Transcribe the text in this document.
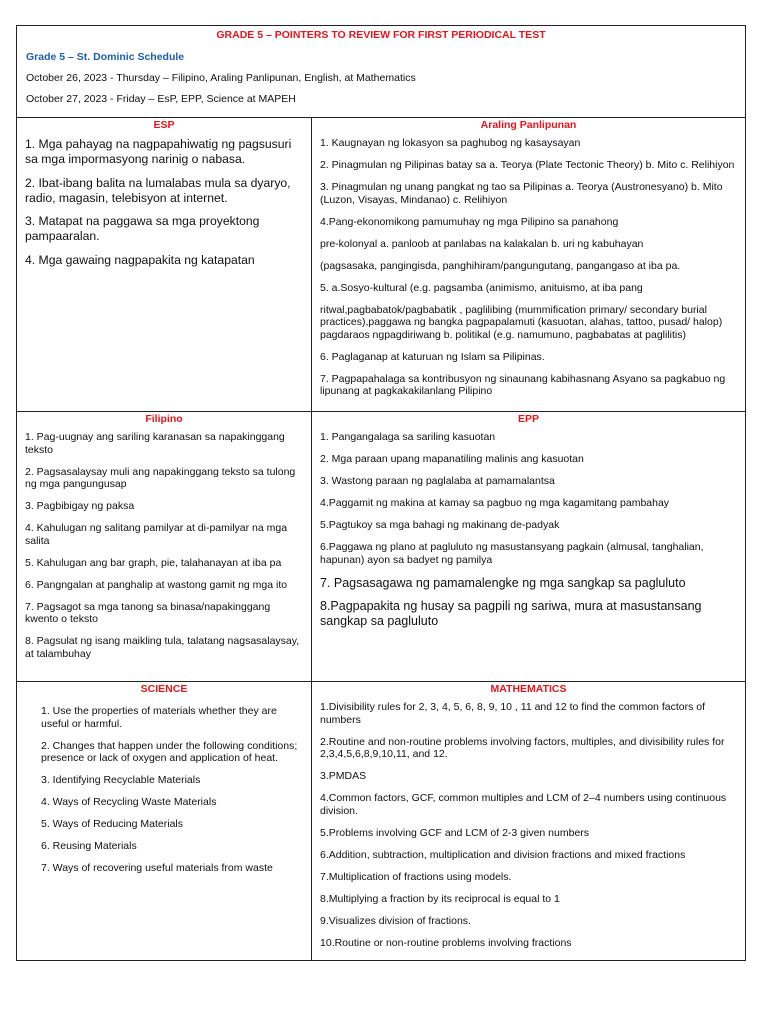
GRADE 5 – POINTERS TO REVIEW FOR FIRST PERIODICAL TEST
Grade 5 – St. Dominic Schedule
October 26, 2023 - Thursday – Filipino, Araling Panlipunan, English, at Mathematics
October 27, 2023 - Friday – EsP, EPP, Science at MAPEH
ESP
1. Mga pahayag na nagpapahiwatig ng pagsusuri sa mga impormasyong narinig o nabasa.
2. Ibat-ibang balita na lumalabas mula sa dyaryo, radio, magasin, telebisyon at internet.
3. Matapat na paggawa sa mga proyektong pampaaralan.
4. Mga gawaing nagpapakita ng katapatan
Araling Panlipunan
1. Kaugnayan ng lokasyon sa paghubog ng kasaysayan
2. Pinagmulan ng Pilipinas batay sa a. Teorya (Plate Tectonic Theory) b. Mito c. Relihiyon
3. Pinagmulan ng unang pangkat ng tao sa Pilipinas a. Teorya (Austronesyano) b. Mito (Luzon, Visayas, Mindanao) c. Relihiyon
4.Pang-ekonomikong pamumuhay ng mga Pilipino sa panahong
pre-kolonyal a. panloob at panlabas na kalakalan b. uri ng kabuhayan
(pagsasaka, pangingisda, panghihiram/pangungutang, pangangaso at iba pa.
5. a.Sosyo-kultural (e.g. pagsamba (animismo, anituismo, at iba pang
ritwal,pagbabatok/pagbabatik , paglilibing (mummification primary/ secondary burial practices),paggawa ng bangka pagpapalamuti (kasuotan, alahas, tattoo, pusad/ halop) pagdaraos ngpagdiriwang b. politikal (e.g. namumuno, pagbabatas at paglilitis)
6. Paglaganap at katuruan ng Islam sa Pilipinas.
7. Pagpapahalaga sa kontribusyon ng sinaunang kabihasnang Asyano sa pagkabuo ng lipunang at pagkakakilanlang Pilipino
Filipino
1. Pag-uugnay ang sariling karanasan sa napakinggang teksto
2. Pagsasalaysay muli ang napakinggang teksto sa tulong ng mga pangungusap
3. Pagbibigay ng paksa
4. Kahulugan ng salitang pamilyar at di-pamilyar na mga salita
5. Kahulugan ang bar graph, pie, talahanayan at iba pa
6. Pangngalan at panghalip at wastong gamit ng mga ito
7. Pagsagot sa mga tanong sa binasa/napakinggang kwento o teksto
8. Pagsulat ng isang maikling tula, talatang nagsasalaysay, at talambuhay
EPP
1. Pangangalaga sa sariling kasuotan
2. Mga paraan upang mapanatiling malinis ang kasuotan
3. Wastong paraan ng paglalaba at pamamalantsa
4.Paggamit ng makina at kamay sa pagbuo ng mga kagamitang pambahay
5.Pagtukoy sa mga bahagi ng makinang de-padyak
6.Paggawa ng plano at pagluluto ng masustansyang pagkain (almusal, tanghalian, hapunan) ayon sa badyet ng pamilya
7. Pagsasagawa ng pamamalengke ng mga sangkap sa pagluluto
8.Pagpapakita ng husay sa pagpili ng sariwa, mura at masustansang sangkap sa pagluluto
SCIENCE
1. Use the properties of materials whether they are useful or harmful.
2. Changes that happen under the following conditions; presence or lack of oxygen and application of heat.
3. Identifying Recyclable Materials
4. Ways of Recycling Waste Materials
5. Ways of Reducing Materials
6. Reusing Materials
7. Ways of recovering useful materials from waste
MATHEMATICS
1.Divisibility rules for 2, 3, 4, 5, 6, 8, 9, 10 , 11 and 12 to find the common factors of numbers
2.Routine and non-routine problems involving factors, multiples, and divisibility rules for 2,3,4,5,6,8,9,10,11, and 12.
3.PMDAS
4.Common factors, GCF, common multiples and LCM of 2–4 numbers using continuous division.
5.Problems involving GCF and LCM of 2-3 given numbers
6.Addition, subtraction, multiplication and division fractions and mixed fractions
7.Multiplication of fractions using models.
8.Multiplying a fraction by its reciprocal is equal to 1
9.Visualizes division of fractions.
10.Routine or non-routine problems involving fractions
